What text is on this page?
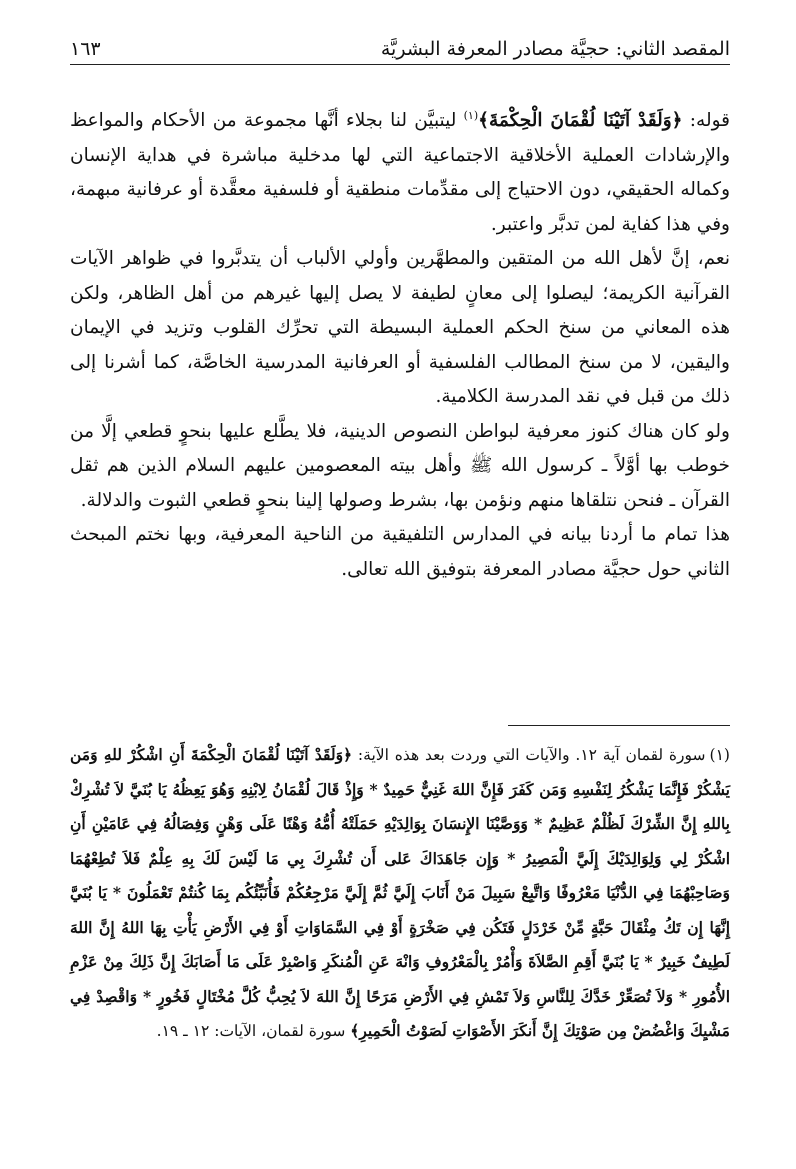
المقصد الثاني: حجيَّة مصادر المعرفة البشريَّة
١٦٣

قوله: ﴿وَلَقَدْ آتَيْنَا لُقْمَانَ الْحِكْمَةَ﴾$^{(١)}$ ليتبيَّن لنا بجلاء أنَّها مجموعة من الأحكام والمواعظ والإرشادات العملية الأخلاقية الاجتماعية التي لها مدخلية مباشرة في هداية الإنسان وكماله الحقيقي، دون الاحتياج إلى مقدِّمات منطقية أو فلسفية معقَّدة أو عرفانية مبهمة، وفي هذا كفاية لمن تدبَّر واعتبر.

نعم، إنَّ لأهل الله من المتقين والمطهَّرين وأولي الألباب أن يتدبَّروا في ظواهر الآيات القرآنية الكريمة؛ ليصلوا إلى معانٍ لطيفة لا يصل إليها غيرهم من أهل الظاهر، ولكن هذه المعاني من سنخ الحكم العملية البسيطة التي تحرِّك القلوب وتزيد في الإيمان واليقين، لا من سنخ المطالب الفلسفية أو العرفانية المدرسية الخاصَّة، كما أشرنا إلى ذلك من قبل في نقد المدرسة الكلامية.

ولو كان هناك كنوز معرفية لبواطن النصوص الدينية، فلا يطَّلع عليها بنحوٍ قطعي إلَّا من خوطب بها أوَّلاً ـ كرسول الله ﷺ وأهل بيته المعصومين عليهم السلام الذين هم ثقل القرآن ـ فنحن نتلقاها منهم ونؤمن بها، بشرط وصولها إلينا بنحوٍ قطعي الثبوت والدلالة.

هذا تمام ما أردنا بيانه في المدارس التلفيقية من الناحية المعرفية، وبها نختم المبحث الثاني حول حجيَّة مصادر المعرفة بتوفيق الله تعالى.

(١)سورة لقمان آية ١٢. والآيات التي وردت بعد هذه الآية: ﴿وَلَقَدْ آتَيْنَا لُقْمَانَ الْحِكْمَةَ أَنِ اشْكُرْ للهِ وَمَن يَشْكُرْ فَإِنَّمَا يَشْكُرُ لِنَفْسِهِ وَمَن كَفَرَ فَإِنَّ اللهَ غَنِيٌّ حَمِيدٌ * وَإِذْ قَالَ لُقْمَانُ لِابْنِهِ وَهُوَ يَعِظُهُ يَا بُنَيَّ لاَ تُشْرِكْ بِاللهِ إِنَّ الشِّرْكَ لَظُلْمٌ عَظِيمٌ * وَوَصَّيْنَا الإِنسَانَ بِوَالِدَيْهِ حَمَلَتْهُ أُمُّهُ وَهْنًا عَلَى وَهْنٍ وَفِصَالُهُ فِي عَامَيْنِ أَنِ اشْكُرْ لِي وَلِوَالِدَيْكَ إِلَيَّ الْمَصِيرُ * وَإِن جَاهَدَاكَ عَلى أَن تُشْرِكَ بِي مَا لَيْسَ لَكَ بِهِ عِلْمٌ فَلاَ تُطِعْهُمَا وَصَاحِبْهُمَا فِي الدُّنْيَا مَعْرُوفًا وَاتَّبِعْ سَبِيلَ مَنْ أَنَابَ إِلَيَّ ثُمَّ إِلَيَّ مَرْجِعُكُمْ فَأُنَبِّئُكُم بِمَا كُنتُمْ تَعْمَلُونَ * يَا بُنَيَّ إِنَّهَا إِن تَكُ مِثْقَالَ حَبَّةٍ مِّنْ خَرْدَلٍ فَتَكُن فِي صَخْرَةٍ أَوْ فِي السَّمَاوَاتِ أَوْ فِي الأَرْضِ يَأْتِ بِهَا اللهُ إِنَّ اللهَ لَطِيفٌ خَبِيرٌ * يَا بُنَيَّ أَقِمِ الصَّلاَةَ وَأْمُرْ بِالْمَعْرُوفِ وَانْهَ عَنِ الْمُنكَرِ وَاصْبِرْ عَلَى مَا أَصَابَكَ إِنَّ ذَلِكَ مِنْ عَزْمِ الأُمُورِ * وَلاَ تُصَعِّرْ خَدَّكَ لِلنَّاسِ وَلاَ تَمْشِ فِي الأَرْضِ مَرَحًا إِنَّ اللهَ لاَ يُحِبُّ كُلَّ مُخْتَالٍ فَخُورٍ * وَاقْصِدْ فِي مَشْيِكَ وَاغْضُضْ مِن صَوْتِكَ إِنَّ أَنكَرَ الأَصْوَاتِ لَصَوْتُ الْحَمِيرِ﴾ سورة لقمان، الآيات: ١٢ ـ ١٩.
